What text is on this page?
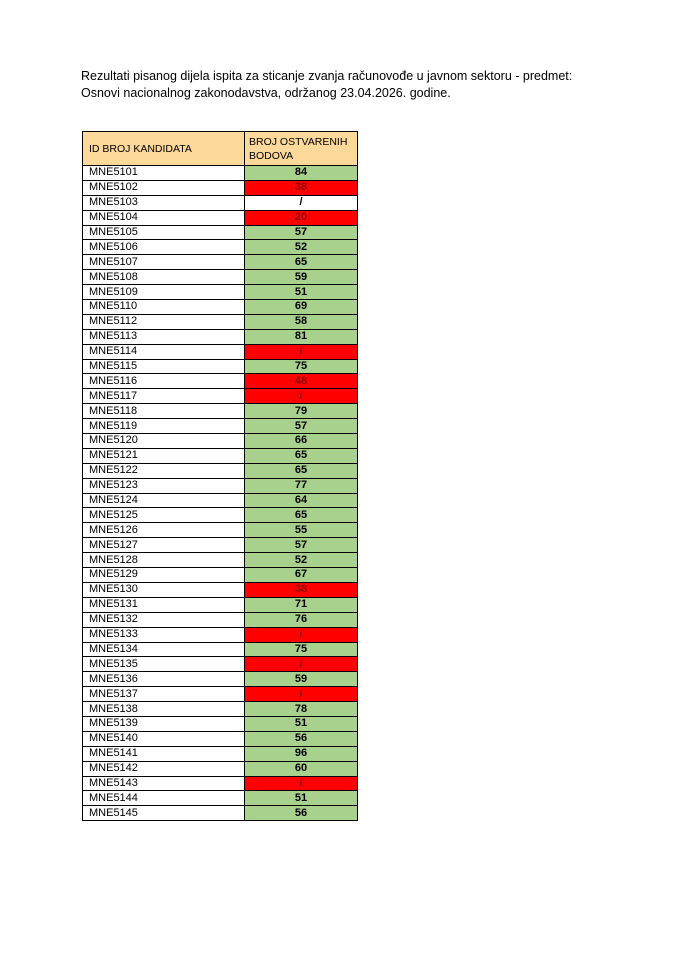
Rezultati pisanog dijela ispita za sticanje zvanja računovođe u javnom sektoru - predmet:
Osnovi nacionalnog zakonodavstva, održanog 23.04.2026. godine.
ID BROJ KANDIDATA	BROJ OSTVARENIH BODOVA
MNE5101	84
MNE5102	38
MNE5103	/
MNE5104	20
MNE5105	57
MNE5106	52
MNE5107	65
MNE5108	59
MNE5109	51
MNE5110	69
MNE5112	58
MNE5113	81
MNE5114	/
MNE5115	75
MNE5116	48
MNE5117	/
MNE5118	79
MNE5119	57
MNE5120	66
MNE5121	65
MNE5122	65
MNE5123	77
MNE5124	64
MNE5125	65
MNE5126	55
MNE5127	57
MNE5128	52
MNE5129	67
MNE5130	38
MNE5131	71
MNE5132	76
MNE5133	/
MNE5134	75
MNE5135	/
MNE5136	59
MNE5137	/
MNE5138	78
MNE5139	51
MNE5140	56
MNE5141	96
MNE5142	60
MNE5143	/
MNE5144	51
MNE5145	56
